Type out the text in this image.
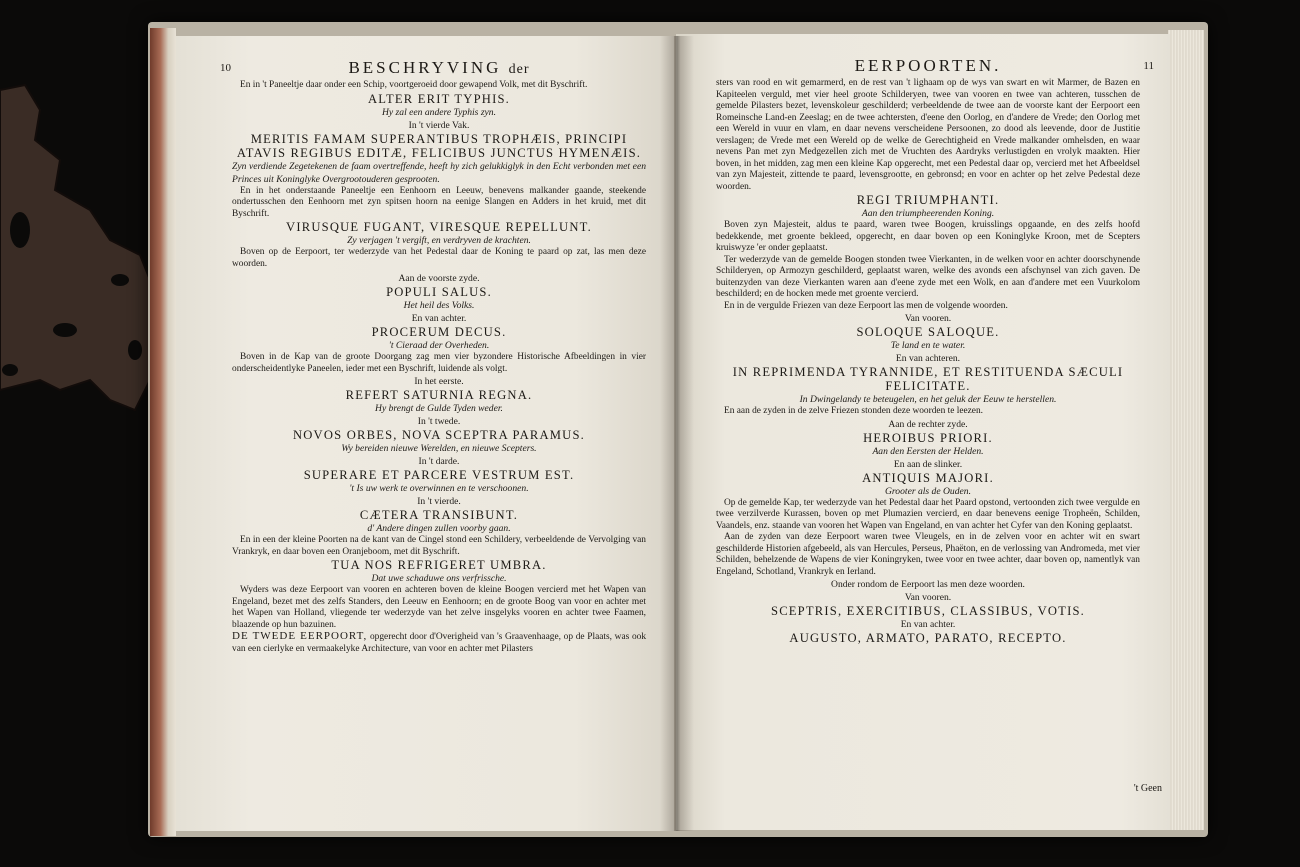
10	BESCHRYVING der

En in 't Paneeltje daar onder een Schip, voortgeroeid door gewapend Volk, met dit Byschrift.

ALTER ERIT TYPHIS.

Hy zal een andere Typhis zyn.

In 't vierde Vak.

MERITIS FAMAM SUPERANTIBUS TROPHÆIS, PRINCIPI ATAVIS REGIBUS EDITÆ, FELICIBUS JUNCTUS HYMENÆIS.

Zyn verdiende Zegetekenen de faam overtreffende, heeft hy zich gelukkiglyk in den Echt verbonden met een Princes uit Koninglyke Overgrootouderen gesprooten.

En in het onderstaande Paneeltje een Eenhoorn en Leeuw, benevens malkander gaande, steekende ondertusschen den Eenhoorn met zyn spitsen hoorn na eenige Slangen en Adders in het kruid, met dit Byschrift.

VIRUSQUE FUGANT, VIRESQUE REPELLUNT.

Zy verjagen 't vergift, en verdryven de krachten.

Boven op de Eerpoort, ter wederzyde van het Pedestal daar de Koning te paard op zat, las men deze woorden.

Aan de voorste zyde.

POPULI SALUS.

Het heil des Volks.

En van achter.

PROCERUM DECUS.

't Cieraad der Overheden.

Boven in de Kap van de groote Doorgang zag men vier byzondere Historische Afbeeldingen in vier onderscheidentlyke Paneelen, ieder met een Byschrift, luidende als volgt.

In het eerste.

REFERT SATURNIA REGNA.

Hy brengt de Gulde Tyden weder.

In 't twede.

NOVOS ORBES, NOVA SCEPTRA PARAMUS.

Wy bereiden nieuwe Werelden, en nieuwe Scepters.

In 't darde.

SUPERARE ET PARCERE VESTRUM EST.

't Is uw werk te overwinnen en te verschoonen.

In 't vierde.

CÆTERA TRANSIBUNT.

d' Andere dingen zullen voorby gaan.

En in een der kleine Poorten na de kant van de Cingel stond een Schildery, verbeeldende de Vervolging van Vrankryk, en daar boven een Oranjeboom, met dit Byschrift.

TUA NOS REFRIGERET UMBRA.

Dat uwe schaduwe ons verfrissche.

Wyders was deze Eerpoort van vooren en achteren boven de kleine Boogen vercierd met het Wapen van Engeland, bezet met des zelfs Standers, den Leeuw en Eenhoorn; en de groote Boog van voor en achter met het Wapen van Holland, vliegende ter wederzyde van het zelve insgelyks vooren en achter twee Faamen, blaazende op hun bazuinen.

DE TWEDE EERPOORT, opgerecht door d'Overigheid van 's Graavenhaage, op de Plaats, was ook van een cierlyke en vermaakelyke Architecture, van voor en achter met Pilasters

EERPOORTEN.	11

sters van rood en wit gemarmerd, en de rest van 't lighaam op de wys van swart en wit Marmer, de Bazen en Kapiteelen verguld, met vier heel groote Schilderyen, twee van vooren en twee van achteren, tusschen de gemelde Pilasters bezet, levenskoleur geschilderd; verbeeldende de twee aan de voorste kant der Eerpoort een Romeinsche Land-en Zeeslag; en de twee achtersten, d'eene den Oorlog, en d'andere de Vrede; den Oorlog met een Wereld in vuur en vlam, en daar nevens verscheidene Persoonen, zo dood als leevende, door de Justitie verslagen; de Vrede met een Wereld op de welke de Gerechtigheid en Vrede malkander omhelsden, en waar nevens Pan met zyn Medgezellen zich met de Vruchten des Aardryks verlustigden en vrolyk maakten. Hier boven, in het midden, zag men een kleine Kap opgerecht, met een Pedestal daar op, vercierd met het Afbeeldsel van zyn Majesteit, zittende te paard, levensgrootte, en gebronsd; en voor en achter op het zelve Pedestal deze woorden.

REGI TRIUMPHANTI.

Aan den triumpheerenden Koning.

Boven zyn Majesteit, aldus te paard, waren twee Boogen, kruisslings opgaande, en des zelfs hoofd bedekkende, met groente bekleed, opgerecht, en daar boven op een Koninglyke Kroon, met de Scepters kruiswyze 'er onder geplaatst.

Ter wederzyde van de gemelde Boogen stonden twee Vierkanten, in de welken voor en achter doorschynende Schilderyen, op Armozyn geschilderd, geplaatst waren, welke des avonds een afschynsel van zich gaven. De buitenzyden van deze Vierkanten waren aan d'eene zyde met een Wolk, en aan d'andere met een Vuurkolom beschilderd; en de hocken mede met groente vercierd.

En in de vergulde Friezen van deze Eerpoort las men de volgende woorden.

Van vooren.

SOLOQUE SALOQUE.

Te land en te water.

En van achteren.

IN REPRIMENDA TYRANNIDE, ET RESTITUENDA SÆCULI FELICITATE.

In Dwingelandy te beteugelen, en het geluk der Eeuw te herstellen.

En aan de zyden in de zelve Friezen stonden deze woorden te leezen.

Aan de rechter zyde.

HEROIBUS PRIORI.

Aan den Eersten der Helden.

En aan de slinker.

ANTIQUIS MAJORI.

Grooter als de Ouden.

Op de gemelde Kap, ter wederzyde van het Pedestal daar het Paard opstond, vertoonden zich twee vergulde en twee verzilverde Kurassen, boven op met Plumazien vercierd, en daar benevens eenige Tropheën, Schilden, Vaandels, enz. staande van vooren het Wapen van Engeland, en van achter het Cyfer van den Koning geplaatst.

Aan de zyden van deze Eerpoort waren twee Vleugels, en in de zelven voor en achter wit en swart geschilderde Historien afgebeeld, als van Hercules, Perseus, Phaëton, en de verlossing van Andromeda, met vier Schilden, behelzende de Wapens de vier Koningryken, twee voor en twee achter, daar boven op, namentlyk van Engeland, Schotland, Vrankryk en Ierland.

Onder rondom de Eerpoort las men deze woorden.

Van vooren.

SCEPTRIS, EXERCITIBUS, CLASSIBUS, VOTIS.

En van achter.

AUGUSTO, ARMATO, PARATO, RECEPTO.

't Geen
